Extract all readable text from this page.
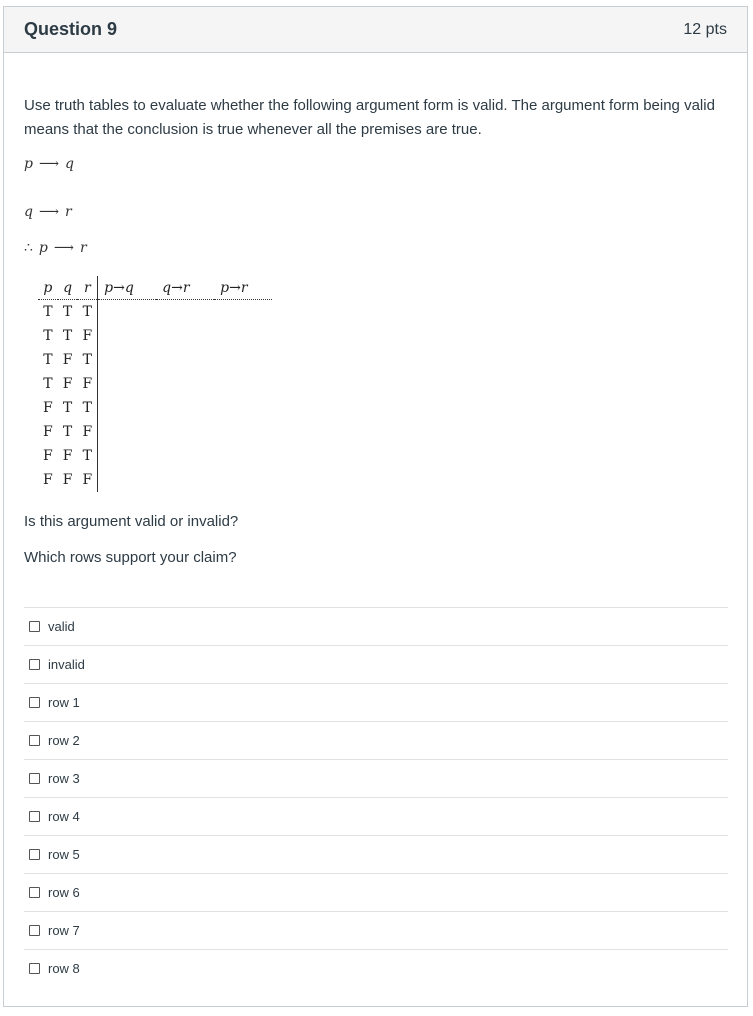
Question 9	12 pts

Use truth tables to evaluate whether the following argument form is valid. The argument form being valid means that the conclusion is true whenever all the premises are true.

p ⟶ q
q ⟶ r
∴ p ⟶ r
p	q	r	p→q	q→r	p→r
T	T	T			
T	T	F			
T	F	T			
T	F	F			
F	T	T			
F	T	F			
F	F	T			
F	F	F			
Is this argument valid or invalid?
Which rows support your claim?
valid
invalid
row 1
row 2
row 3
row 4
row 5
row 6
row 7
row 8
